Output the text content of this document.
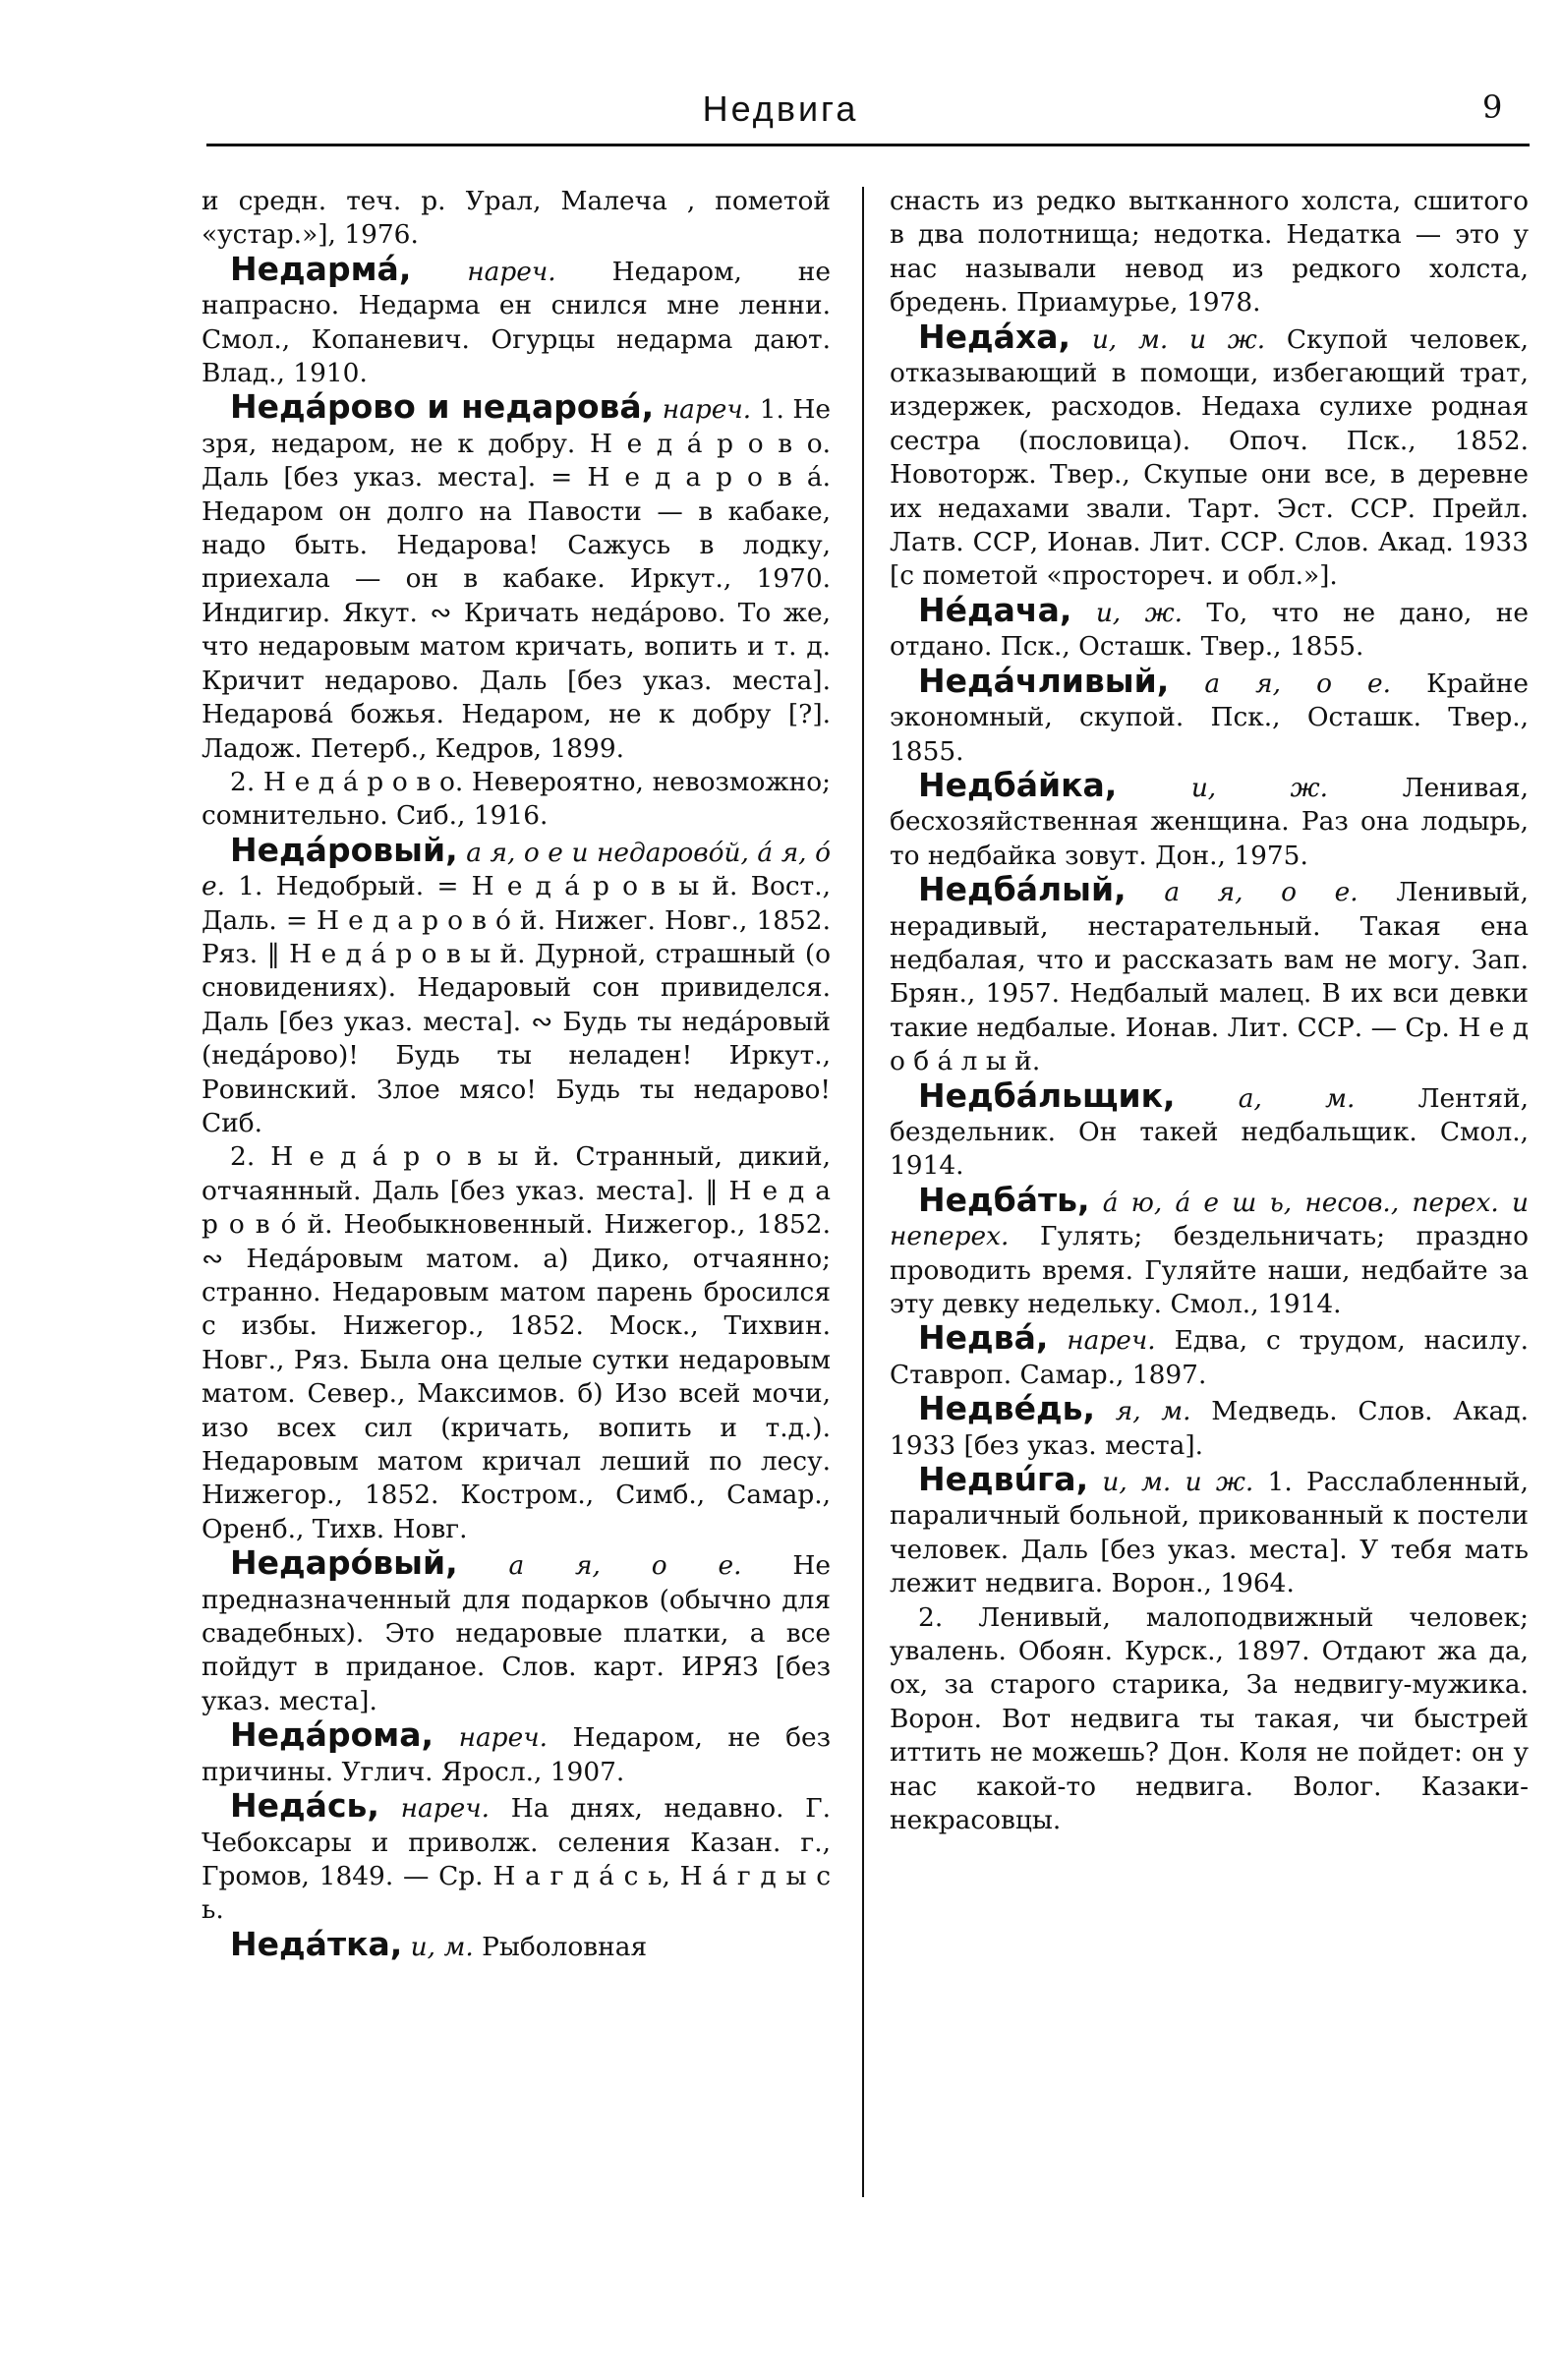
Недвига	9

и средн. теч. р. Урал, Малеча , пометой «устар.»], 1976.

Недармá, нареч. Недаром, не напрасно. Недарма ен снился мне ленни. Смол., Копаневич. Огурцы недарма дают. Влад., 1910.

Недáрово и недаровá, нареч. 1. Не зря, недаром, не к добру. Н е д á р о в о. Даль [без указ. места]. = Н е д а р о в á. Недаром он долго на Павости — в кабаке, надо быть. Недарова! Сажусь в лодку, приехала — он в кабаке. Иркут., 1970. Индигир. Якут. ∾ Кричать недáрово. То же, что недаровым матом кричать, вопить и т. д. Кричит недарово. Даль [без указ. места]. Недаровá божья. Недаром, не к добру [?]. Ладож. Петерб., Кедров, 1899.

2. Н е д á р о в о. Невероятно, невозможно; сомнительно. Сиб., 1916.

Недáровый, а я, о е и недаровóй, á я, ó е. 1. Недобрый. = Н е д á р о в ы й. Вост., Даль. = Н е д а р о в ó й. Нижег. Новг., 1852. Ряз. ‖ Н е д á р о в ы й. Дурной, страшный (о сновидениях). Недаровый сон привиделся. Даль [без указ. места]. ∾ Будь ты недáровый (недáрово)! Будь ты неладен! Иркут., Ровинский. Злое мясо! Будь ты недарово! Сиб.

2. Н е д á р о в ы й. Странный, дикий, отчаянный. Даль [без указ. места]. ‖ Н е д а р о в ó й. Необыкновенный. Нижегор., 1852. ∾ Недáровым матом. а) Дико, отчаянно; странно. Недаровым матом парень бросился с избы. Нижегор., 1852. Моск., Тихвин. Новг., Ряз. Была она целые сутки недаровым матом. Север., Максимов. б) Изо всей мочи, изо всех сил (кричать, вопить и т.д.). Недаровым матом кричал леший по лесу. Нижегор., 1852. Костром., Симб., Самар., Оренб., Тихв. Новг.

Недарóвый, а я, о е. Не предназначенный для подарков (обычно для свадебных). Это недаровые платки, а все пойдут в приданое. Слов. карт. ИРЯЗ [без указ. места].

Недáрома, нареч. Недаром, не без причины. Углич. Яросл., 1907.

Недáсь, нареч. На днях, недавно. Г. Чебоксары и приволж. селения Казан. г., Громов, 1849. — Ср. Н а г д á с ь, Н á г д ы с ь.

Недáтка, и, м. Рыболовная

снасть из редко вытканного холста, сшитого в два полотнища; недотка. Недатка — это у нас называли невод из редкого холста, бредень. Приамурье, 1978.

Недáха, и, м. и ж. Скупой человек, отказывающий в помощи, избегающий трат, издержек, расходов. Недаха сулихе родная сестра (пословица). Опоч. Пск., 1852. Новоторж. Твер., Скупые они все, в деревне их недахами звали. Тарт. Эст. ССР. Прейл. Латв. ССР, Ионав. Лит. ССР. Слов. Акад. 1933 [с пометой «простореч. и обл.»].

Нéдача, и, ж. То, что не дано, не отдано. Пск., Осташк. Твер., 1855.

Недáчливый, а я, о е. Крайне экономный, скупой. Пск., Осташк. Твер., 1855.

Недбáйка,	и, ж.	Ленивая, бесхозяйственная женщина. Раз она лодырь, то недбайка зовут. Дон., 1975.

Недбáлый, а я, о е. Ленивый, нерадивый, нестарательный. Такая ена недбалая, что и рассказать вам не могу. Зап. Брян., 1957. Недбалый малец. В их вси девки такие недбалые. Ионав. Лит. ССР. — Ср. Н е д о б á л ы й.

Недбáльщик, а, м. Лентяй, бездельник. Он такей недбальщик. Смол., 1914.

Недбáть, á ю, á е ш ь, несов., перех. и неперех. Гулять; бездельничать; праздно проводить время. Гуляйте наши, недбайте за эту девку недельку. Смол., 1914.

Недвá, нареч. Едва, с трудом, насилу. Ставроп. Самар., 1897.

Недвéдь, я, м. Медведь. Слов. Акад. 1933 [без указ. места].

Недвúга, и, м. и ж. 1. Расслабленный, параличный больной, прикованный к постели человек. Даль [без указ. места]. У тебя мать лежит недвига. Ворон., 1964.

2. Ленивый, малоподвижный человек; увалень. Обоян. Курск., 1897. Отдают жа да, ох, за старого старика, За недвигу-мужика. Ворон. Вот недвига ты такая, чи быстрей иттить не можешь? Дон. Коля не пойдет: он у нас какой-то недвига. Волог. Казаки-некрасовцы.
